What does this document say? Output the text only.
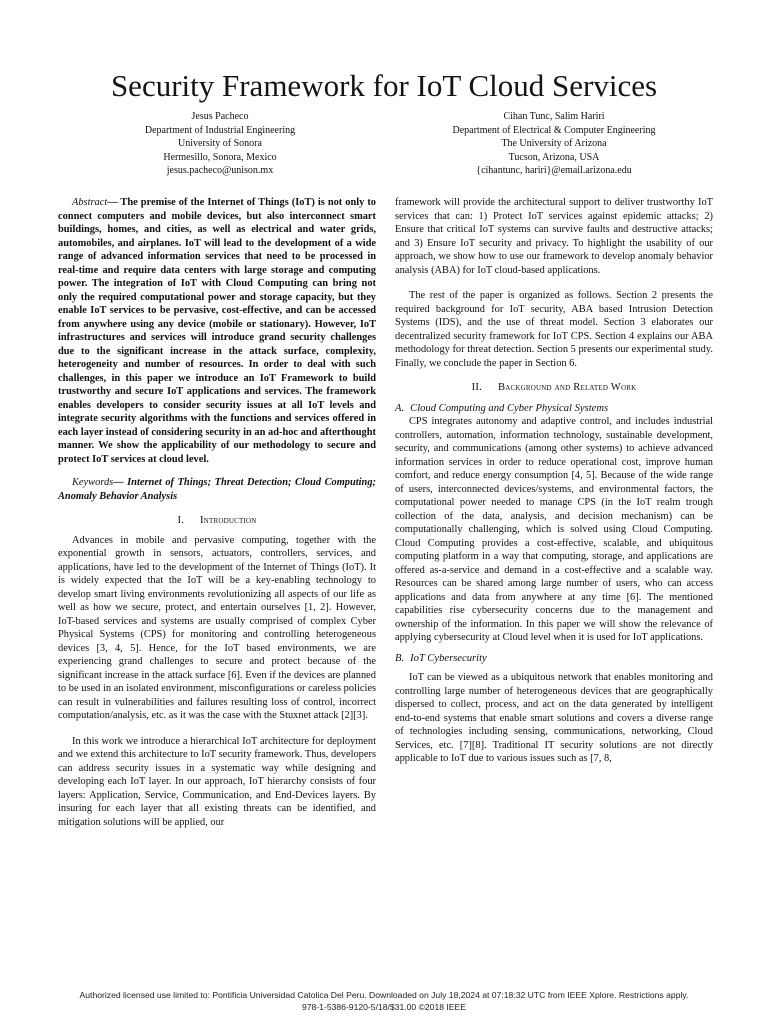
Security Framework for IoT Cloud Services
Jesus Pacheco
Department of Industrial Engineering
University of Sonora
Hermesillo, Sonora, Mexico
jesus.pacheco@unison.mx
Cihan Tunc, Salim Hariri
Department of Electrical & Computer Engineering
The University of Arizona
Tucson, Arizona, USA
{cihantunc, hariri}@email.arizona.edu

Abstract— The premise of the Internet of Things (IoT) is not only to connect computers and mobile devices, but also interconnect smart buildings, homes, and cities, as well as electrical and water grids, automobiles, and airplanes. IoT will lead to the development of a wide range of advanced information services that need to be processed in real-time and require data centers with large storage and computing power. The integration of IoT with Cloud Computing can bring not only the required computational power and storage capacity, but they enable IoT services to be pervasive, cost-effective, and can be accessed from anywhere using any device (mobile or stationary). However, IoT infrastructures and services will introduce grand security challenges due to the significant increase in the attack surface, complexity, heterogeneity and number of resources. In order to deal with such challenges, in this paper we introduce an IoT Framework to build trustworthy and secure IoT applications and services. The framework enables developers to consider security issues at all IoT levels and integrate security algorithms with the functions and services offered in each layer instead of considering security in an ad-hoc and afterthought manner. We show the applicability of our methodology to secure and protect IoT services at cloud level.

Keywords— Internet of Things; Threat Detection; Cloud Computing; Anomaly Behavior Analysis

I. Introduction

Advances in mobile and pervasive computing, together with the exponential growth in sensors, actuators, controllers, services, and applications, have led to the development of the Internet of Things (IoT). It is widely expected that the IoT will be a key-enabling technology to develop smart living environments revolutionizing all aspects of our life as well as how we secure, protect, and entertain ourselves [1, 2]. However, IoT-based services and systems are usually comprised of complex Cyber Physical Systems (CPS) for monitoring and controlling heterogeneous devices [3, 4, 5]. Hence, for the IoT based environments, we are experiencing grand challenges to secure and protect because of the significant increase in the attack surface [6]. Even if the devices are planned to be used in an isolated environment, misconfigurations or careless policies can result in vulnerabilities and failures resulting loss of control, incorrect computation/analysis, etc. as it was the case with the Stuxnet attack [2][3].

In this work we introduce a hierarchical IoT architecture for deployment and we extend this architecture to IoT security framework. Thus, developers can address security issues in a systematic way while designing and developing each IoT layer. In our approach, IoT hierarchy consists of four layers: Application, Service, Communication, and End-Devices layers. By insuring for each layer that all existing threats can be identified, and mitigation solutions will be applied, our

framework will provide the architectural support to deliver trustworthy IoT services that can: 1) Protect IoT services against epidemic attacks; 2) Ensure that critical IoT systems can survive faults and destructive attacks; and 3) Ensure IoT security and privacy. To highlight the usability of our approach, we show how to use our framework to develop anomaly behavior analysis (ABA) for IoT cloud-based applications.

The rest of the paper is organized as follows. Section 2 presents the required background for IoT security, ABA based Intrusion Detection Systems (IDS), and the use of threat model. Section 3 elaborates our decentralized security framework for IoT CPS. Section 4 explains our ABA methodology for threat detection. Section 5 presents our experimental study. Finally, we conclude the paper in Section 6.

II. Background and Related Work
A. Cloud Computing and Cyber Physical Systems

CPS integrates autonomy and adaptive control, and includes industrial controllers, automation, information technology, sustainable development, security, and communications (among other systems) to achieve advanced information services in order to reduce operational cost, improve human comfort, and reduce energy consumption [4, 5]. Because of the wide range of users, interconnected devices/systems, and environmental factors, the computational power needed to manage CPS (in the IoT realm trough collection of the data, analysis, and decision mechanism) can be computationally challenging, which is solved using Cloud Computing. Cloud Computing provides a cost-effective, scalable, and ubiquitous computing platform in a way that computing, storage, and applications are offered as-a-service and demand in a cost-effective and a scalable way. Resources can be shared among large number of users, who can access applications and data from anywhere at any time [6]. The mentioned capabilities rise cybersecurity concerns due to the management and ownership of the information. In this paper we will show the relevance of applying cybersecurity at Cloud level when it is used for IoT applications.

B. IoT Cybersecurity

IoT can be viewed as a ubiquitous network that enables monitoring and controlling large number of heterogeneous devices that are geographically dispersed to collect, process, and act on the data generated by intelligent end-to-end systems that enable smart solutions and covers a diverse range of technologies including sensing, communications, networking, Cloud Services, etc. [7][8]. Traditional IT security solutions are not directly applicable to IoT due to various issues such as [7, 8,

Authorized licensed use limited to: Pontificia Universidad Catolica Del Peru. Downloaded on July 18,2024 at 07:18:32 UTC from IEEE Xplore. Restrictions apply.
978-1-5386-9120-5/18/$31.00 ©2018 IEEE
